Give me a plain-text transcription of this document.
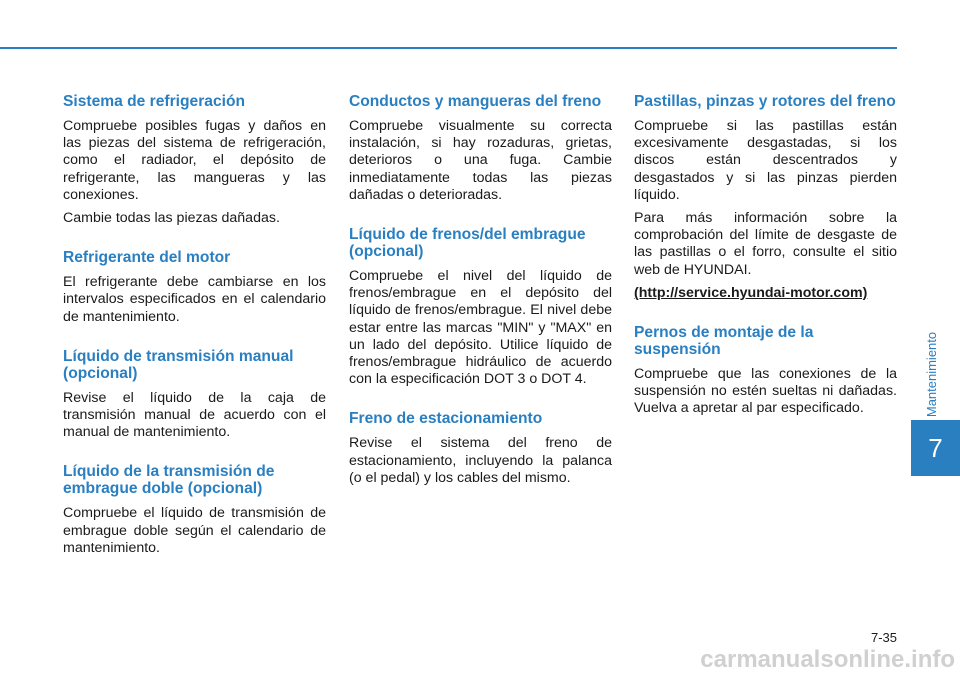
Sistema de refrigeración

Compruebe posibles fugas y daños en las piezas del sistema de refrigeración, como el radiador, el depósito de refrigerante, las mangueras y las conexiones.

Cambie todas las piezas dañadas.

Refrigerante del motor

El refrigerante debe cambiarse en los intervalos especificados en el calendario de mantenimiento.

Líquido de transmisión manual (opcional)

Revise el líquido de la caja de transmisión manual de acuerdo con el manual de mantenimiento.

Líquido de la transmisión de embrague doble (opcional)

Compruebe el líquido de transmisión de embrague doble según el calendario de mantenimiento.

Conductos y mangueras del freno

Compruebe visualmente su correcta instalación, si hay rozaduras, grietas, deterioros o una fuga. Cambie inmediatamente todas las piezas dañadas o deterioradas.

Líquido de frenos/del embrague (opcional)

Compruebe el nivel del líquido de frenos/embrague en el depósito del líquido de frenos/embrague. El nivel debe estar entre las marcas "MIN" y "MAX" en un lado del depósito. Utilice líquido de frenos/embrague hidráulico de acuerdo con la especificación DOT 3 o DOT 4.

Freno de estacionamiento

Revise el sistema del freno de estacionamiento, incluyendo la palanca (o el pedal) y los cables del mismo.

Pastillas, pinzas y rotores del freno

Compruebe si las pastillas están excesivamente desgastadas, si los discos están descentrados y desgastados y si las pinzas pierden líquido.

Para más información sobre la comprobación del límite de desgaste de las pastillas o el forro, consulte el sitio web de HYUNDAI.

(http://service.hyundai-motor.com)

Pernos de montaje de la suspensión

Compruebe que las conexiones de la suspensión no estén sueltas ni dañadas. Vuelva a apretar al par especificado.	Mantenimiento
7
7-35
carmanualsonline.info
